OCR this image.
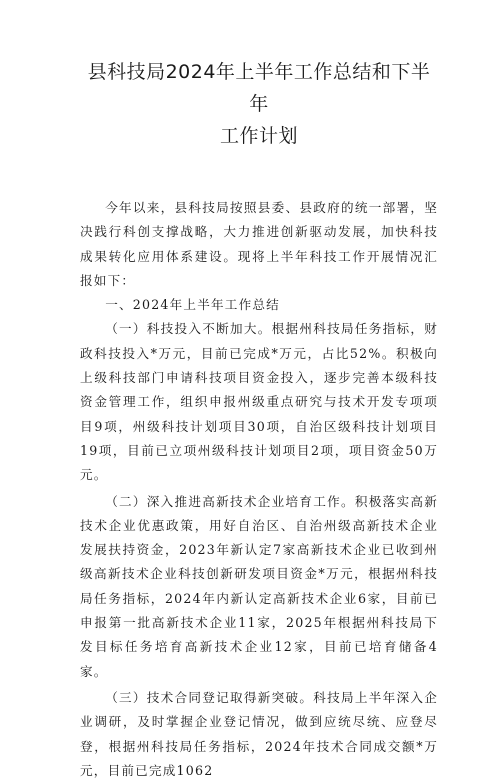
县科技局2024年上半年工作总结和下半年
工作计划

今年以来，县科技局按照县委、县政府的统一部署，坚决践行科创支撑战略，大力推进创新驱动发展，加快科技成果转化应用体系建设。现将上半年科技工作开展情况汇报如下：

一、2024年上半年工作总结

（一）科技投入不断加大。根据州科技局任务指标，财政科技投入*万元，目前已完成*万元，占比52%。积极向上级科技部门申请科技项目资金投入，逐步完善本级科技资金管理工作，组织申报州级重点研究与技术开发专项项目9项，州级科技计划项目30项，自治区级科技计划项目19项，目前已立项州级科技计划项目2项，项目资金50万元。

（二）深入推进高新技术企业培育工作。积极落实高新技术企业优惠政策，用好自治区、自治州级高新技术企业发展扶持资金，2023年新认定7家高新技术企业已收到州级高新技术企业科技创新研发项目资金*万元，根据州科技局任务指标，2024年内新认定高新技术企业6家，目前已申报第一批高新技术企业11家，2025年根据州科技局下发目标任务培育高新技术企业12家，目前已培育储备4家。

（三）技术合同登记取得新突破。科技局上半年深入企业调研，及时掌握企业登记情况，做到应统尽统、应登尽登，根据州科技局任务指标，2024年技术合同成交额*万元，目前已完成1062
